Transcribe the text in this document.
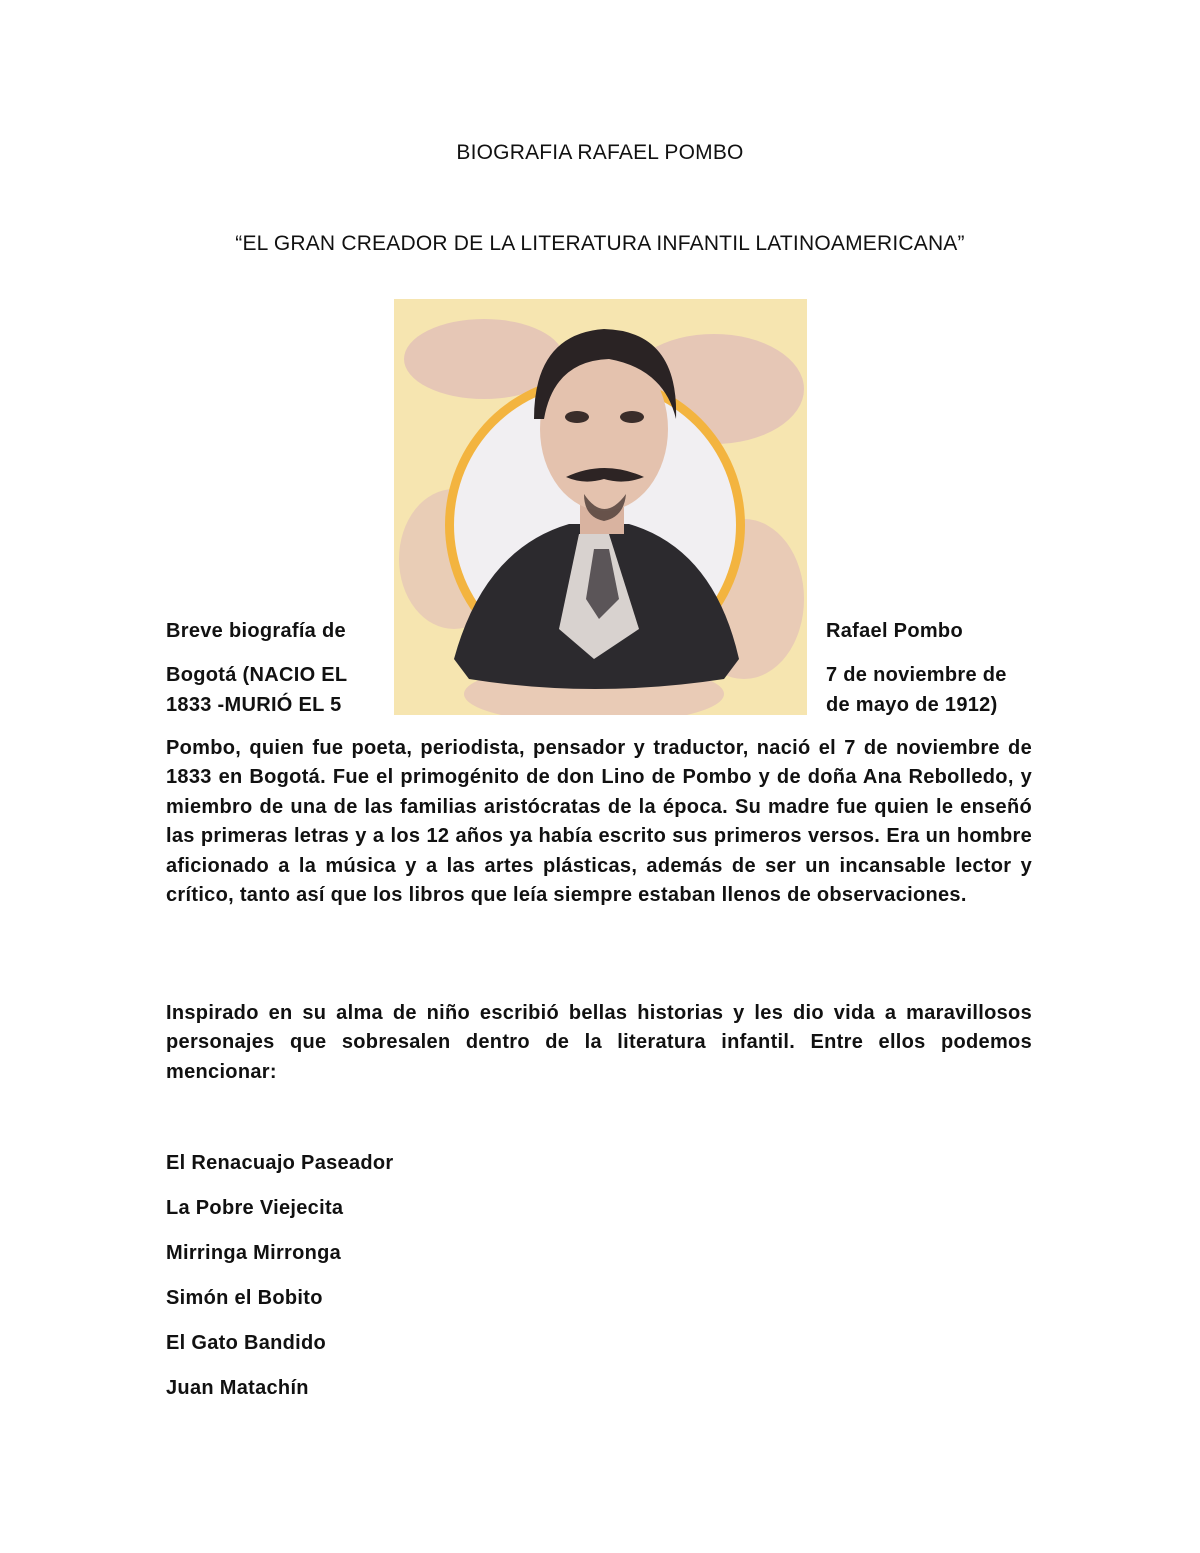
BIOGRAFIA RAFAEL POMBO
“EL GRAN CREADOR DE LA LITERATURA INFANTIL LATINOAMERICANA”
Breve biografía de	Rafael Pombo
Bogotá (NACIO EL	7 de noviembre de
1833 -MURIÓ EL 5	de mayo de 1912)

Pombo, quien fue poeta, periodista, pensador y traductor, nació el 7 de noviembre de 1833 en Bogotá. Fue el primogénito de don Lino de Pombo y de doña Ana Rebolledo, y miembro de una de las familias aristócratas de la época. Su madre fue quien le enseñó las primeras letras y a los 12 años ya había escrito sus primeros versos. Era un hombre aficionado a la música y a las artes plásticas, además de ser un incansable lector y crítico, tanto así que los libros que leía siempre estaban llenos de observaciones.

Inspirado en su alma de niño escribió bellas historias y les dio vida a maravillosos personajes que sobresalen dentro de la literatura infantil. Entre ellos podemos mencionar:

El Renacuajo Paseador
La Pobre Viejecita
Mirringa Mirronga
Simón el Bobito
El Gato Bandido
Juan Matachín
